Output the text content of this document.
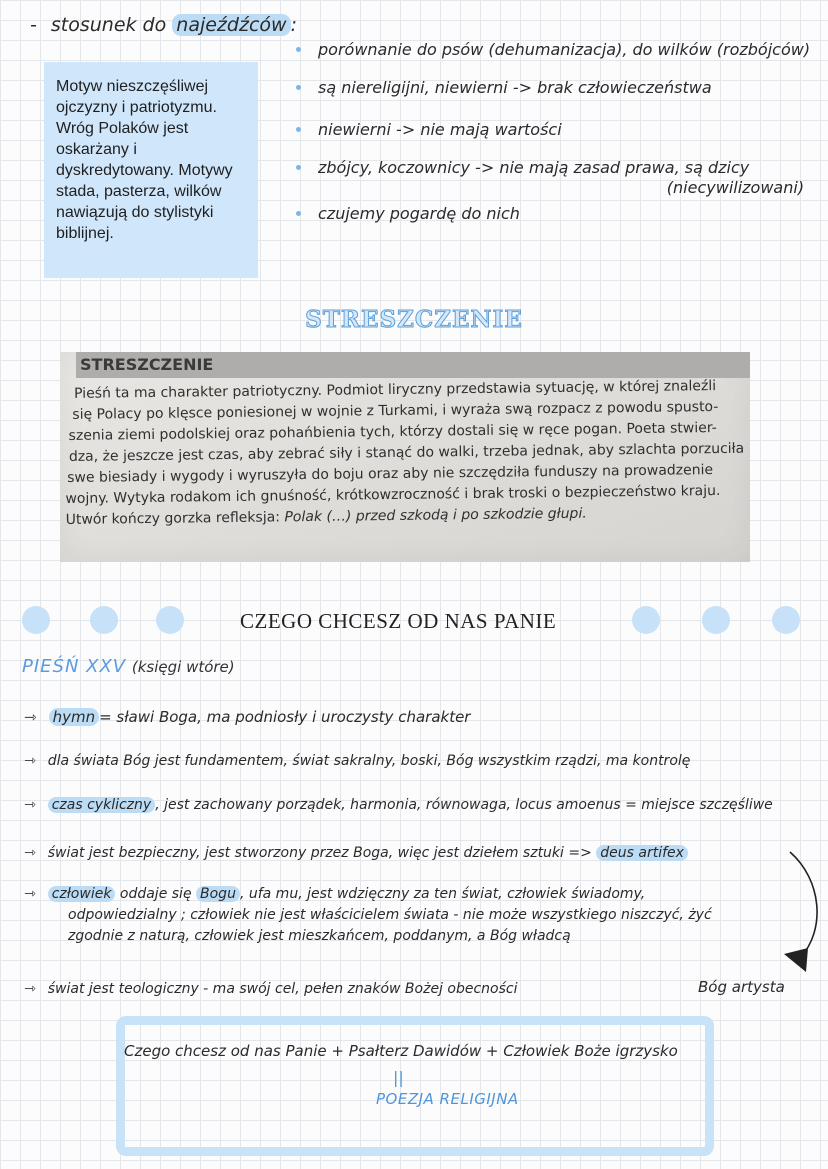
- stosunek do najeźdźców :
Motyw nieszczęśliwej ojczyzny i patriotyzmu. Wróg Polaków jest oskarżany i dyskredytowany. Motywy stada, pasterza, wilków nawiązują do stylistyki biblijnej.
porównanie do psów (dehumanizacja), do wilków (rozbójców)
są niereligijni, niewierni -> brak człowieczeństwa
niewierni -> nie mają wartości
zbójcy, koczownicy -> nie mają zasad prawa, są dzicy
(niecywilizowani)
czujemy pogardę do nich
STRESZCZENIE
STRESZCZENIE
Pieśń ta ma charakter patriotyczny. Podmiot liryczny przedstawia sytuację, w której znaleźli
się Polacy po klęsce poniesionej w wojnie z Turkami, i wyraża swą rozpacz z powodu spusto-
szenia ziemi podolskiej oraz pohańbienia tych, którzy dostali się w ręce pogan. Poeta stwier-
dza, że jeszcze jest czas, aby zebrać siły i stanąć do walki, trzeba jednak, aby szlachta porzuciła
swe biesiady i wygody i wyruszyła do boju oraz aby nie szczędziła funduszy na prowadzenie
wojny. Wytyka rodakom ich gnuśność, krótkowzroczność i brak troski o bezpieczeństwo kraju.
Utwór kończy gorzka refleksja: Polak (…) przed szkodą i po szkodzie głupi.
CZEGO CHCESZ OD NAS PANIE
PIEŚŃ XXV (księgi wtóre)
⇾ hymn = sławi Boga, ma podniosły i uroczysty charakter
⇾ dla świata Bóg jest fundamentem, świat sakralny, boski, Bóg wszystkim rządzi, ma kontrolę
⇾ czas cykliczny , jest zachowany porządek, harmonia, równowaga, locus amoenus = miejsce szczęśliwe
⇾ świat jest bezpieczny, jest stworzony przez Boga, więc jest dziełem sztuki => deus artifex
⇾ człowiek oddaje się Bogu , ufa mu, jest wdzięczny za ten świat, człowiek świadomy,
odpowiedzialny ; człowiek nie jest właścicielem świata - nie może wszystkiego niszczyć, żyć
zgodnie z naturą, człowiek jest mieszkańcem, poddanym, a Bóg władcą
⇾ świat jest teologiczny - ma swój cel, pełen znaków Bożej obecności	Bóg artysta
Czego chcesz od nas Panie + Psałterz Dawidów + Człowiek Boże igrzysko
||
POEZJA RELIGIJNA
